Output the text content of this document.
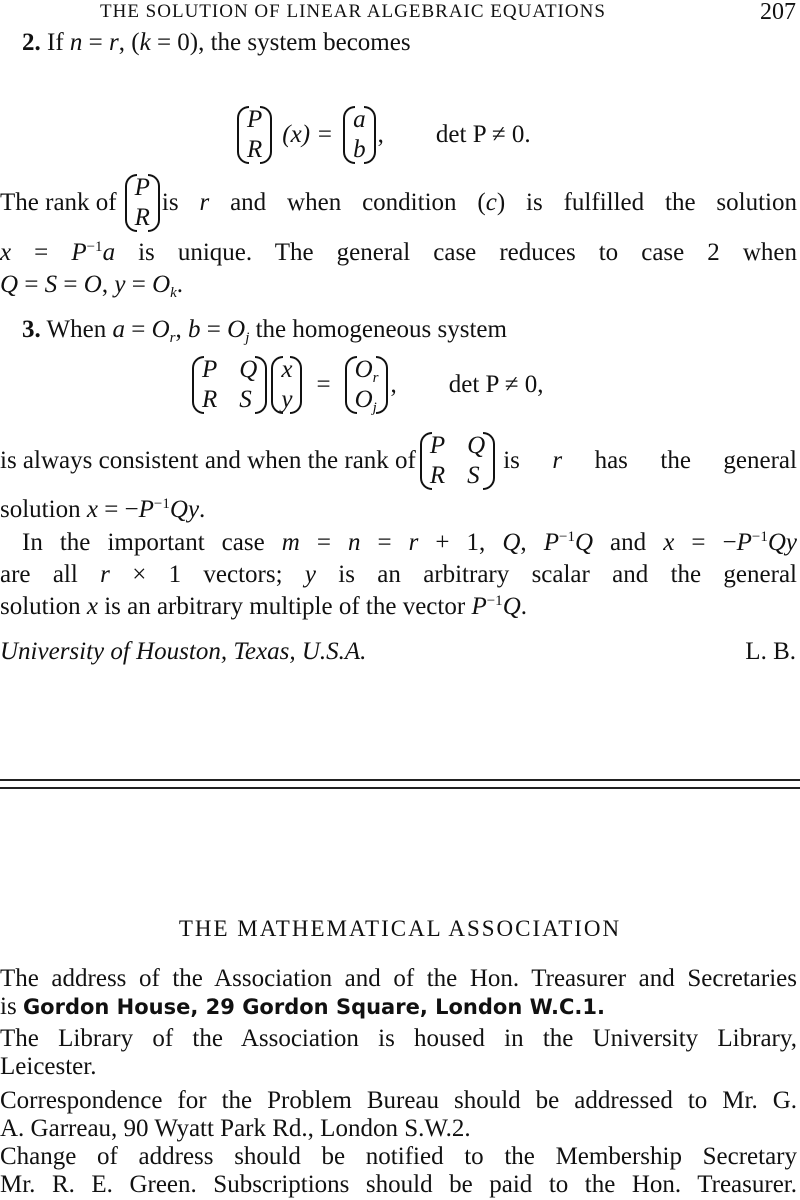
THE SOLUTION OF LINEAR ALGEBRAIC EQUATIONS	207
2. If n = r, (k = 0), the system becomes
P
R
(x) =
a
b
, det P ≠ 0.
The rank of
P
R
is r and when condition (c) is fulfilled the solution
$x = P^{-1}a$ is unique. The general case reduces to case 2 when
Q = S = O, $y = O_k$.
3. When $a = O_r$, $b = O_j$ the homogeneous system
P Q
R S
x
y
=
$O_r$
$O_j$
, det P ≠ 0,
is always consistent and when the rank of
P Q
R S
is r has the general
solution $x = -P^{-1}Qy$.
In the important case m = n = r + 1, Q, $P^{-1}Q$ and $x = -P^{-1}Qy$
are all r × 1 vectors; y is an arbitrary scalar and the general
solution x is an arbitrary multiple of the vector $P^{-1}Q$.
University of Houston, Texas, U.S.A.	L. B.
THE MATHEMATICAL ASSOCIATION
The address of the Association and of the Hon. Treasurer and Secretaries
is Gordon House, 29 Gordon Square, London W.C.1.
The Library of the Association is housed in the University Library,
Leicester.
Correspondence for the Problem Bureau should be addressed to Mr. G.
A. Garreau, 90 Wyatt Park Rd., London S.W.2.
Change of address should be notified to the Membership Secretary
Mr. R. E. Green. Subscriptions should be paid to the Hon. Treasurer.
